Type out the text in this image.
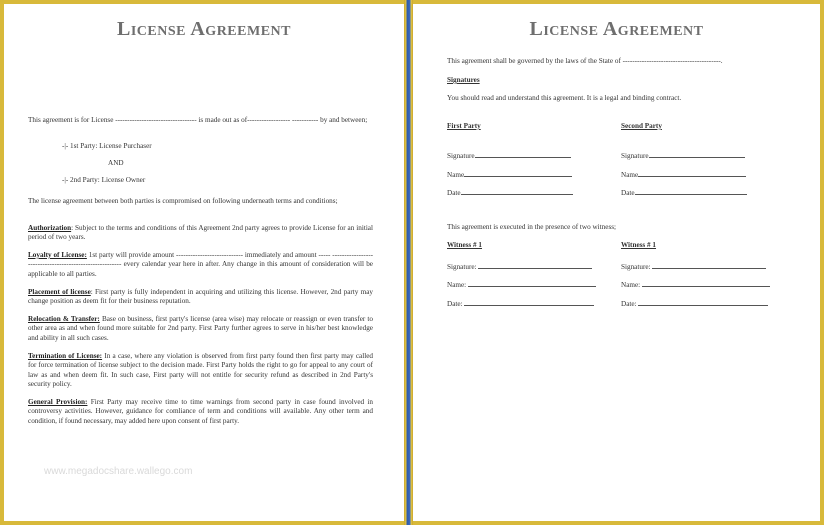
License Agreement
This agreement is for License ---------------------------------- is made out as of------------------ ----------- by and between;
-|- 1st Party: License Purchaser
AND
-|- 2nd Party: License Owner
The license agreement between both parties is compromised on following underneath terms and conditions;
Authorization: Subject to the terms and conditions of this Agreement 2nd party agrees to provide License for an initial period of two years.
Loyalty of License: 1st party will provide amount ---------------------------- immediately and amount ----- -------------------------------------------------------- every calendar year here in after. Any change in this amount of consideration will be applicable to all parties.
Placement of license: First party is fully independent in acquiring and utilizing this license. However, 2nd party may change position as deem fit for their business reputation.
Relocation & Transfer: Base on business, first party's license (area wise) may relocate or reassign or even transfer to other area as and when found more suitable for 2nd party. First Party further agrees to serve in his/her best knowledge and ability in all such cases.
Termination of License: In a case, where any violation is observed from first party found then first party may called for force termination of license subject to the decision made. First Party holds the right to go for appeal to any court of law as and when deem fit. In such case, First party will not entitle for security refund as described in 2nd Party's security policy.
General Provision: First Party may receive time to time warnings from second party in case found involved in controversy activities. However, guidance for comliance of term and conditions will available. Any other term and condition, if found necessary, may added here upon consent of first party.
www.megadocshare.wallego.com
License Agreement
This agreement shall be governed by the laws of the State of -----------------------------------------.
Signatures
You should read and understand this agreement. It is a legal and binding contract.
First Party	Second Party
Signature
Name
Date
Signature
Name
Date
This agreement is executed in the presence of two witness;
Witness # 1	Witness # 1
Signature:
Name:
Date:
Signature:
Name:
Date:
